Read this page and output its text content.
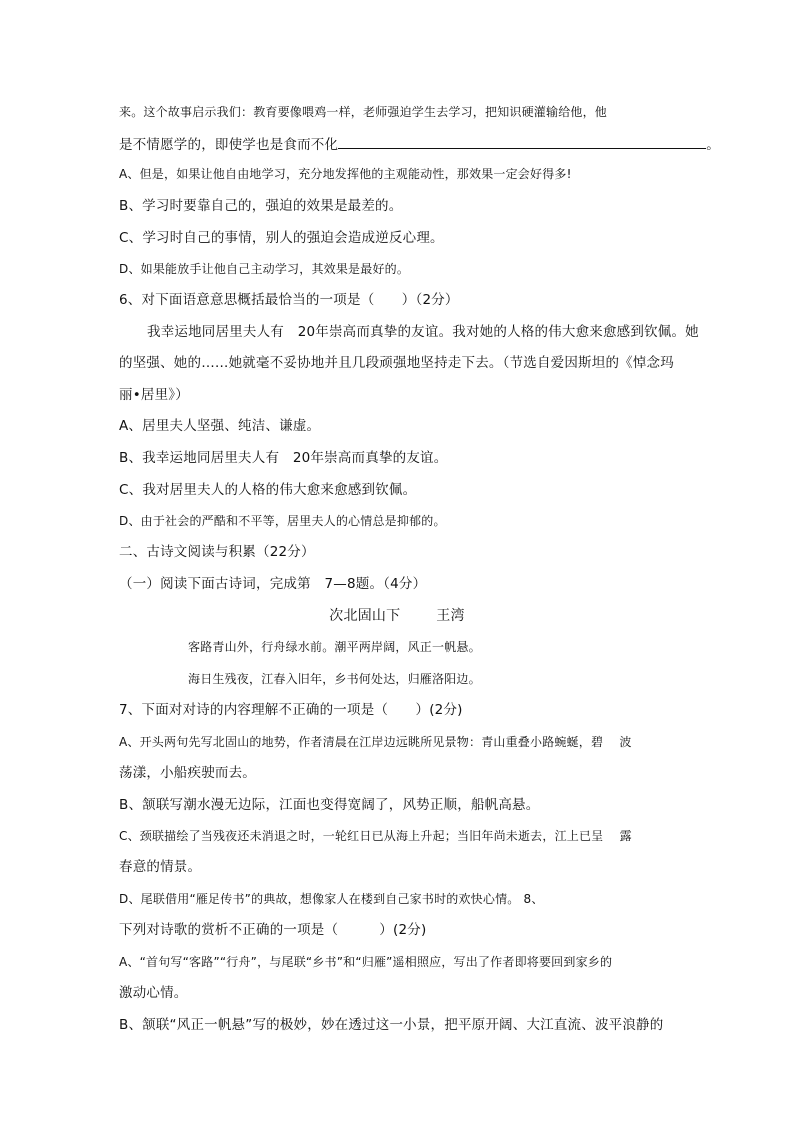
来。这个故事启示我们：教育要像喂鸡一样，老师强迫学生去学习，把知识硬灌输给他，他
是不情愿学的，即使学也是食而不化	。
A、但是，如果让他自由地学习，充分地发挥他的主观能动性，那效果一定会好得多!
B、学习时要靠自己的，强迫的效果是最差的。
C、学习时自己的事情，别人的强迫会造成逆反心理。
D、如果能放手让他自己主动学习，其效果是最好的。
6、对下面语意意思概括最恰当的一项是（　　）（2分）
我幸运地同居里夫人有　20年崇高而真挚的友谊。我对她的人格的伟大愈来愈感到钦佩。她
的坚强、她的……她就毫不妥协地并且几段顽强地坚持走下去。（节选自爱因斯坦的《悼念玛
丽•居里》）
A、居里夫人坚强、纯洁、谦虚。
B、我幸运地同居里夫人有　20年崇高而真挚的友谊。
C、我对居里夫人的人格的伟大愈来愈感到钦佩。
D、由于社会的严酷和不平等，居里夫人的心情总是抑郁的。
二、古诗文阅读与积累（22分）
（一）阅读下面古诗词，完成第　7—8题。（4分）
次北固山下	王湾
客路青山外，行舟绿水前。潮平两岸阔，风正一帆悬。
海日生残夜，江春入旧年，乡书何处达，归雁洛阳边。
7、下面对对诗的内容理解不正确的一项是（　　）(2分)
A、开头两句先写北固山的地势，作者清晨在江岸边远眺所见景物：青山重叠小路蜿蜒，碧　 波
荡漾，小船疾驶而去。
B、颔联写潮水漫无边际，江面也变得宽阔了，风势正顺，船帆高悬。
C、颈联描绘了当残夜还未消退之时，一轮红日已从海上升起；当旧年尚未逝去，江上已呈　 露
春意的情景。
D、尾联借用“雁足传书”的典故，想像家人在楼到自己家书时的欢快心情。 8、
下列对诗歌的赏析不正确的一项是（　　　）(2分)
A、“首句写“客路”“行舟”，与尾联“乡书”和“归雁”遥相照应，写出了作者即将要回到家乡的
激动心情。
B、颔联“风正一帆悬”写的极妙，妙在透过这一小景，把平原开阔、大江直流、波平浪静的
